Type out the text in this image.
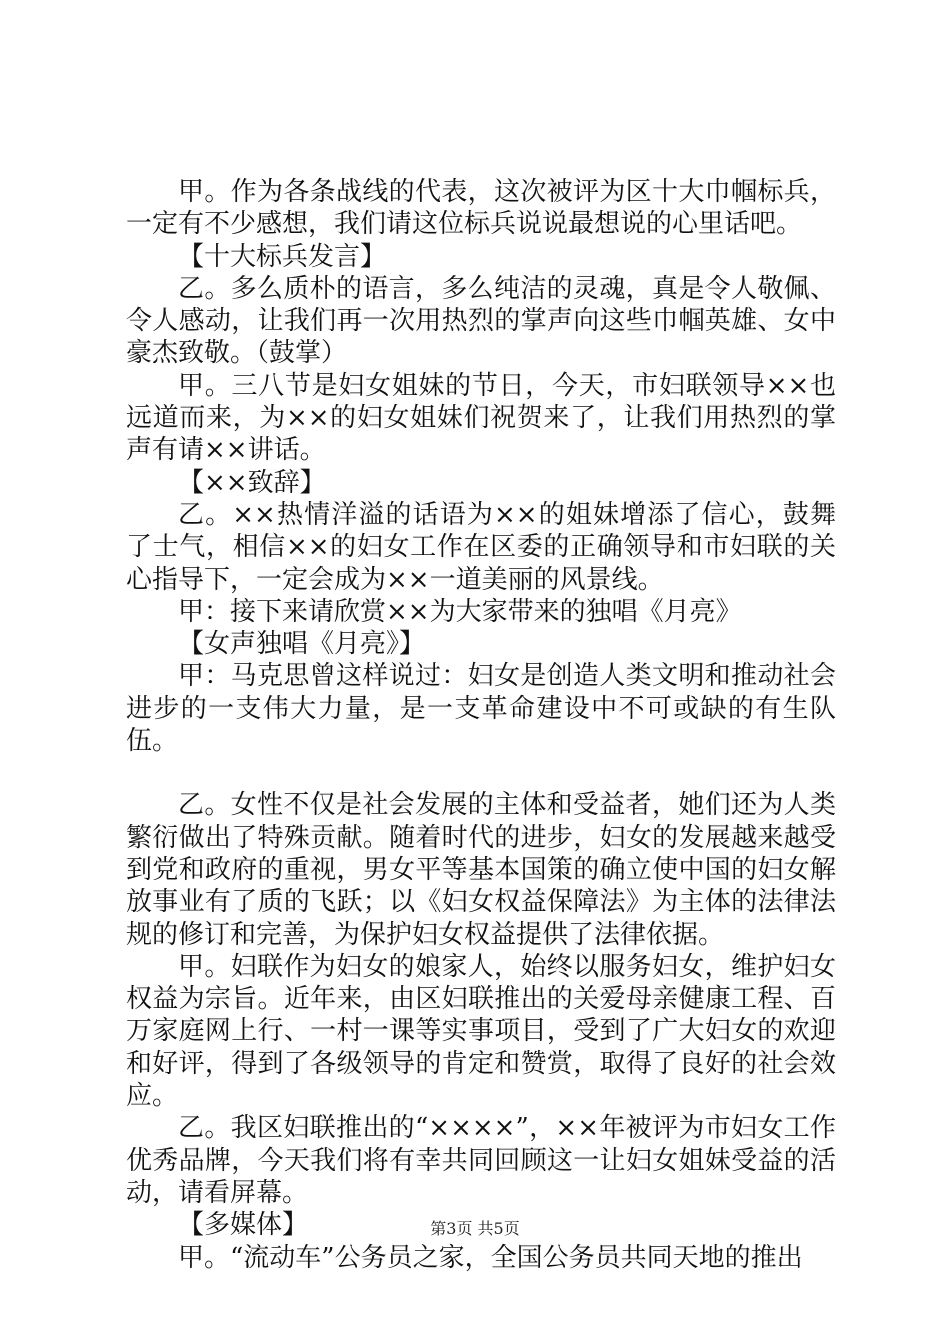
甲。作为各条战线的代表，这次被评为区十大巾帼标兵，一定有不少感想，我们请这位标兵说说最想说的心里话吧。

【十大标兵发言】

乙。多么质朴的语言，多么纯洁的灵魂，真是令人敬佩、令人感动，让我们再一次用热烈的掌声向这些巾帼英雄、女中豪杰致敬。（鼓掌）

甲。三八节是妇女姐妹的节日，今天，市妇联领导××也远道而来，为××的妇女姐妹们祝贺来了，让我们用热烈的掌声有请××讲话。

【××致辞】

乙。××热情洋溢的话语为××的姐妹增添了信心，鼓舞了士气，相信××的妇女工作在区委的正确领导和市妇联的关心指导下，一定会成为××一道美丽的风景线。

甲：接下来请欣赏××为大家带来的独唱《月亮》

【女声独唱《月亮》】

甲：马克思曾这样说过：妇女是创造人类文明和推动社会进步的一支伟大力量，是一支革命建设中不可或缺的有生队伍。

乙。女性不仅是社会发展的主体和受益者，她们还为人类繁衍做出了特殊贡献。随着时代的进步，妇女的发展越来越受到党和政府的重视，男女平等基本国策的确立使中国的妇女解放事业有了质的飞跃；以《妇女权益保障法》为主体的法律法规的修订和完善，为保护妇女权益提供了法律依据。

甲。妇联作为妇女的娘家人，始终以服务妇女，维护妇女权益为宗旨。近年来，由区妇联推出的关爱母亲健康工程、百万家庭网上行、一村一课等实事项目，受到了广大妇女的欢迎和好评，得到了各级领导的肯定和赞赏，取得了良好的社会效应。

乙。我区妇联推出的“××××”，××年被评为市妇女工作优秀品牌，今天我们将有幸共同回顾这一让妇女姐妹受益的活动，请看屏幕。

【多媒体】

甲。“流动车”公务员之家，全国公务员共同天地的推出

第3页 共5页
